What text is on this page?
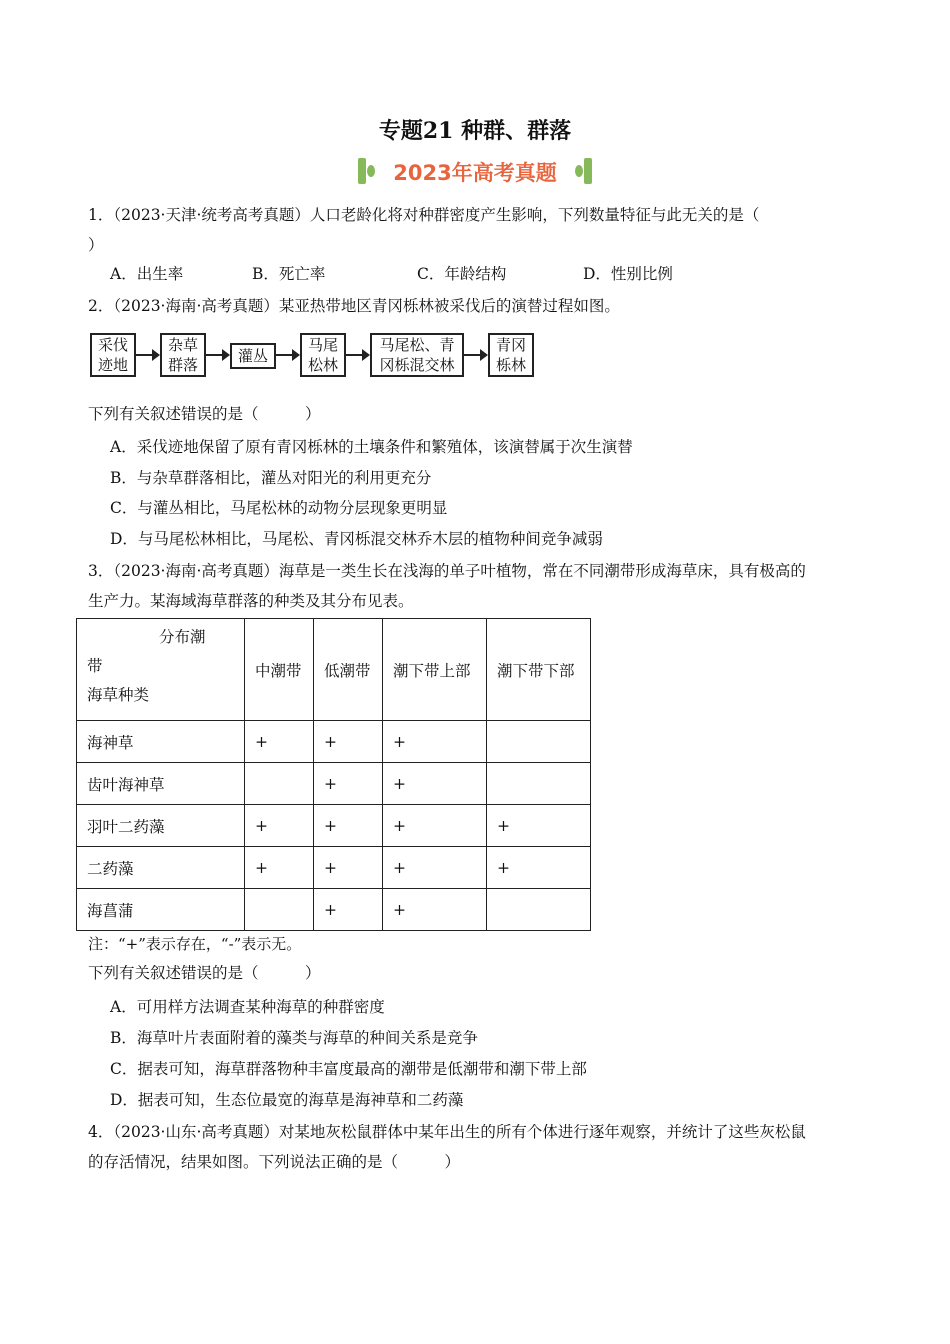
专题21 种群、群落
2023年高考真题
1．（2023·天津·统考高考真题）人口老龄化将对种群密度产生影响，下列数量特征与此无关的是（
）
A．出生率	B．死亡率	C．年龄结构	D．性别比例
2．（2023·海南·高考真题）某亚热带地区青冈栎林被采伐后的演替过程如图。
采伐
迹地
杂草
群落	灌丛
马尾
松林
马尾松、青
冈栎混交林
青冈
栎林
下列有关叙述错误的是（　　　）
A．采伐迹地保留了原有青冈栎林的土壤条件和繁殖体，该演替属于次生演替
B．与杂草群落相比，灌丛对阳光的利用更充分
C．与灌丛相比，马尾松林的动物分层现象更明显
D．与马尾松林相比，马尾松、青冈栎混交林乔木层的植物种间竞争减弱
3．（2023·海南·高考真题）海草是一类生长在浅海的单子叶植物，常在不同潮带形成海草床，具有极高的
生产力。某海域海草群落的种类及其分布见表。
分布潮
带
海草种类	中潮带	低潮带	潮下带上部	潮下带下部
海神草	+	+	+	
齿叶海神草		+	+	
羽叶二药藻	+	+	+	+
二药藻	+	+	+	+
海菖蒲		+	+	
注：“+”表示存在，“-”表示无。
下列有关叙述错误的是（　　　）
A．可用样方法调查某种海草的种群密度
B．海草叶片表面附着的藻类与海草的种间关系是竞争
C．据表可知，海草群落物种丰富度最高的潮带是低潮带和潮下带上部
D．据表可知，生态位最宽的海草是海神草和二药藻
4．（2023·山东·高考真题）对某地灰松鼠群体中某年出生的所有个体进行逐年观察，并统计了这些灰松鼠
的存活情况，结果如图。下列说法正确的是（　　　）
